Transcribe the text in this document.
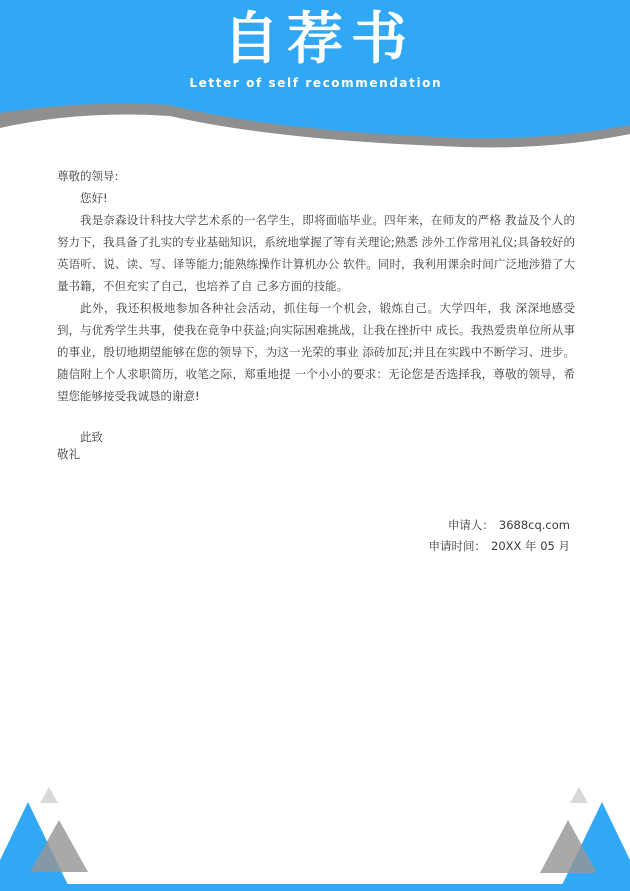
自荐书
Letter of self recommendation

尊敬的领导:

您好!

我是奈森设计科技大学艺术系的一名学生，即将面临毕业。四年来，在师友的严格 教益及个人的努力下，我具备了扎实的专业基础知识，系统地掌握了等有关理论;熟悉 涉外工作常用礼仪;具备较好的英语听、说、读、写、译等能力;能熟练操作计算机办公 软件。同时，我利用课余时间广泛地涉猎了大量书籍，不但充实了自己，也培养了自 己多方面的技能。

此外，我还积极地参加各种社会活动，抓住每一个机会，锻炼自己。大学四年，我 深深地感受到，与优秀学生共事，使我在竞争中获益;向实际困难挑战，让我在挫折中 成长。我热爱贵单位所从事的事业，殷切地期望能够在您的领导下，为这一光荣的事业 添砖加瓦;并且在实践中不断学习、进步。随信附上个人求职简历，收笔之际，郑重地提 一个小小的要求：无论您是否选择我，尊敬的领导，希望您能够接受我诚恳的谢意!

此致

敬礼

申请人： 3688cq.com
申请时间： 20XX 年 05 月
